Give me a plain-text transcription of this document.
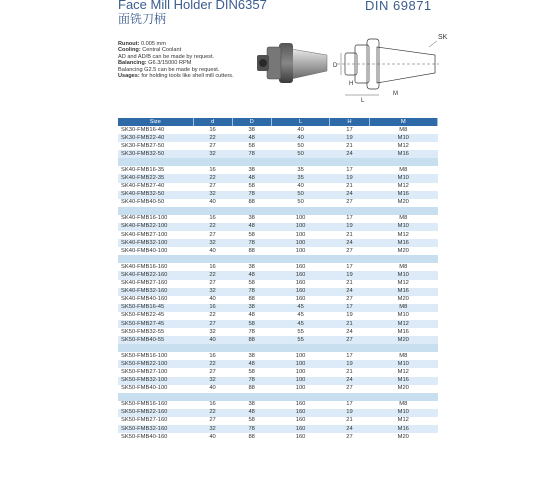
Face Mill Holder DIN6357
面铣刀柄
DIN 69871
Runout: 0.005 mm
Cooling: Central Coolant
AD and AD/B can be made by request.
Balancing: G6.3/15000 RPM
Balancing G2.5 can be made by request.
Usages: for holding tools like shell mill cutters.
SK
L
M
D
H
Size	d	D	L	H	M
SK30-FMB16-40	16	38	40	17	M8
SK30-FMB22-40	22	48	40	19	M10
SK30-FMB27-50	27	58	50	21	M12
SK30-FMB32-50	32	78	50	24	M16

SK40-FMB16-35	16	38	35	17	M8
SK40-FMB22-35	22	48	35	19	M10
SK40-FMB27-40	27	58	40	21	M12
SK40-FMB32-50	32	78	50	24	M16
SK40-FMB40-50	40	88	50	27	M20

SK40-FMB16-100	16	38	100	17	M8
SK40-FMB22-100	22	48	100	19	M10
SK40-FMB27-100	27	58	100	21	M12
SK40-FMB32-100	32	78	100	24	M16
SK40-FMB40-100	40	88	100	27	M20

SK40-FMB16-160	16	38	160	17	M8
SK40-FMB22-160	22	48	160	19	M10
SK40-FMB27-160	27	58	160	21	M12
SK40-FMB32-160	32	78	160	24	M16
SK40-FMB40-160	40	88	160	27	M20
SK50-FMB16-45	16	38	45	17	M8
SK50-FMB22-45	22	48	45	19	M10
SK50-FMB27-45	27	58	45	21	M12
SK50-FMB32-55	32	78	55	24	M16
SK50-FMB40-55	40	88	55	27	M20

SK50-FMB16-100	16	38	100	17	M8
SK50-FMB22-100	22	48	100	19	M10
SK50-FMB27-100	27	58	100	21	M12
SK50-FMB32-100	32	78	100	24	M16
SK50-FMB40-100	40	88	100	27	M20

SK50-FMB16-160	16	38	160	17	M8
SK50-FMB22-160	22	48	160	19	M10
SK50-FMB27-160	27	58	160	21	M12
SK50-FMB32-160	32	78	160	24	M16
SK50-FMB40-160	40	88	160	27	M20
